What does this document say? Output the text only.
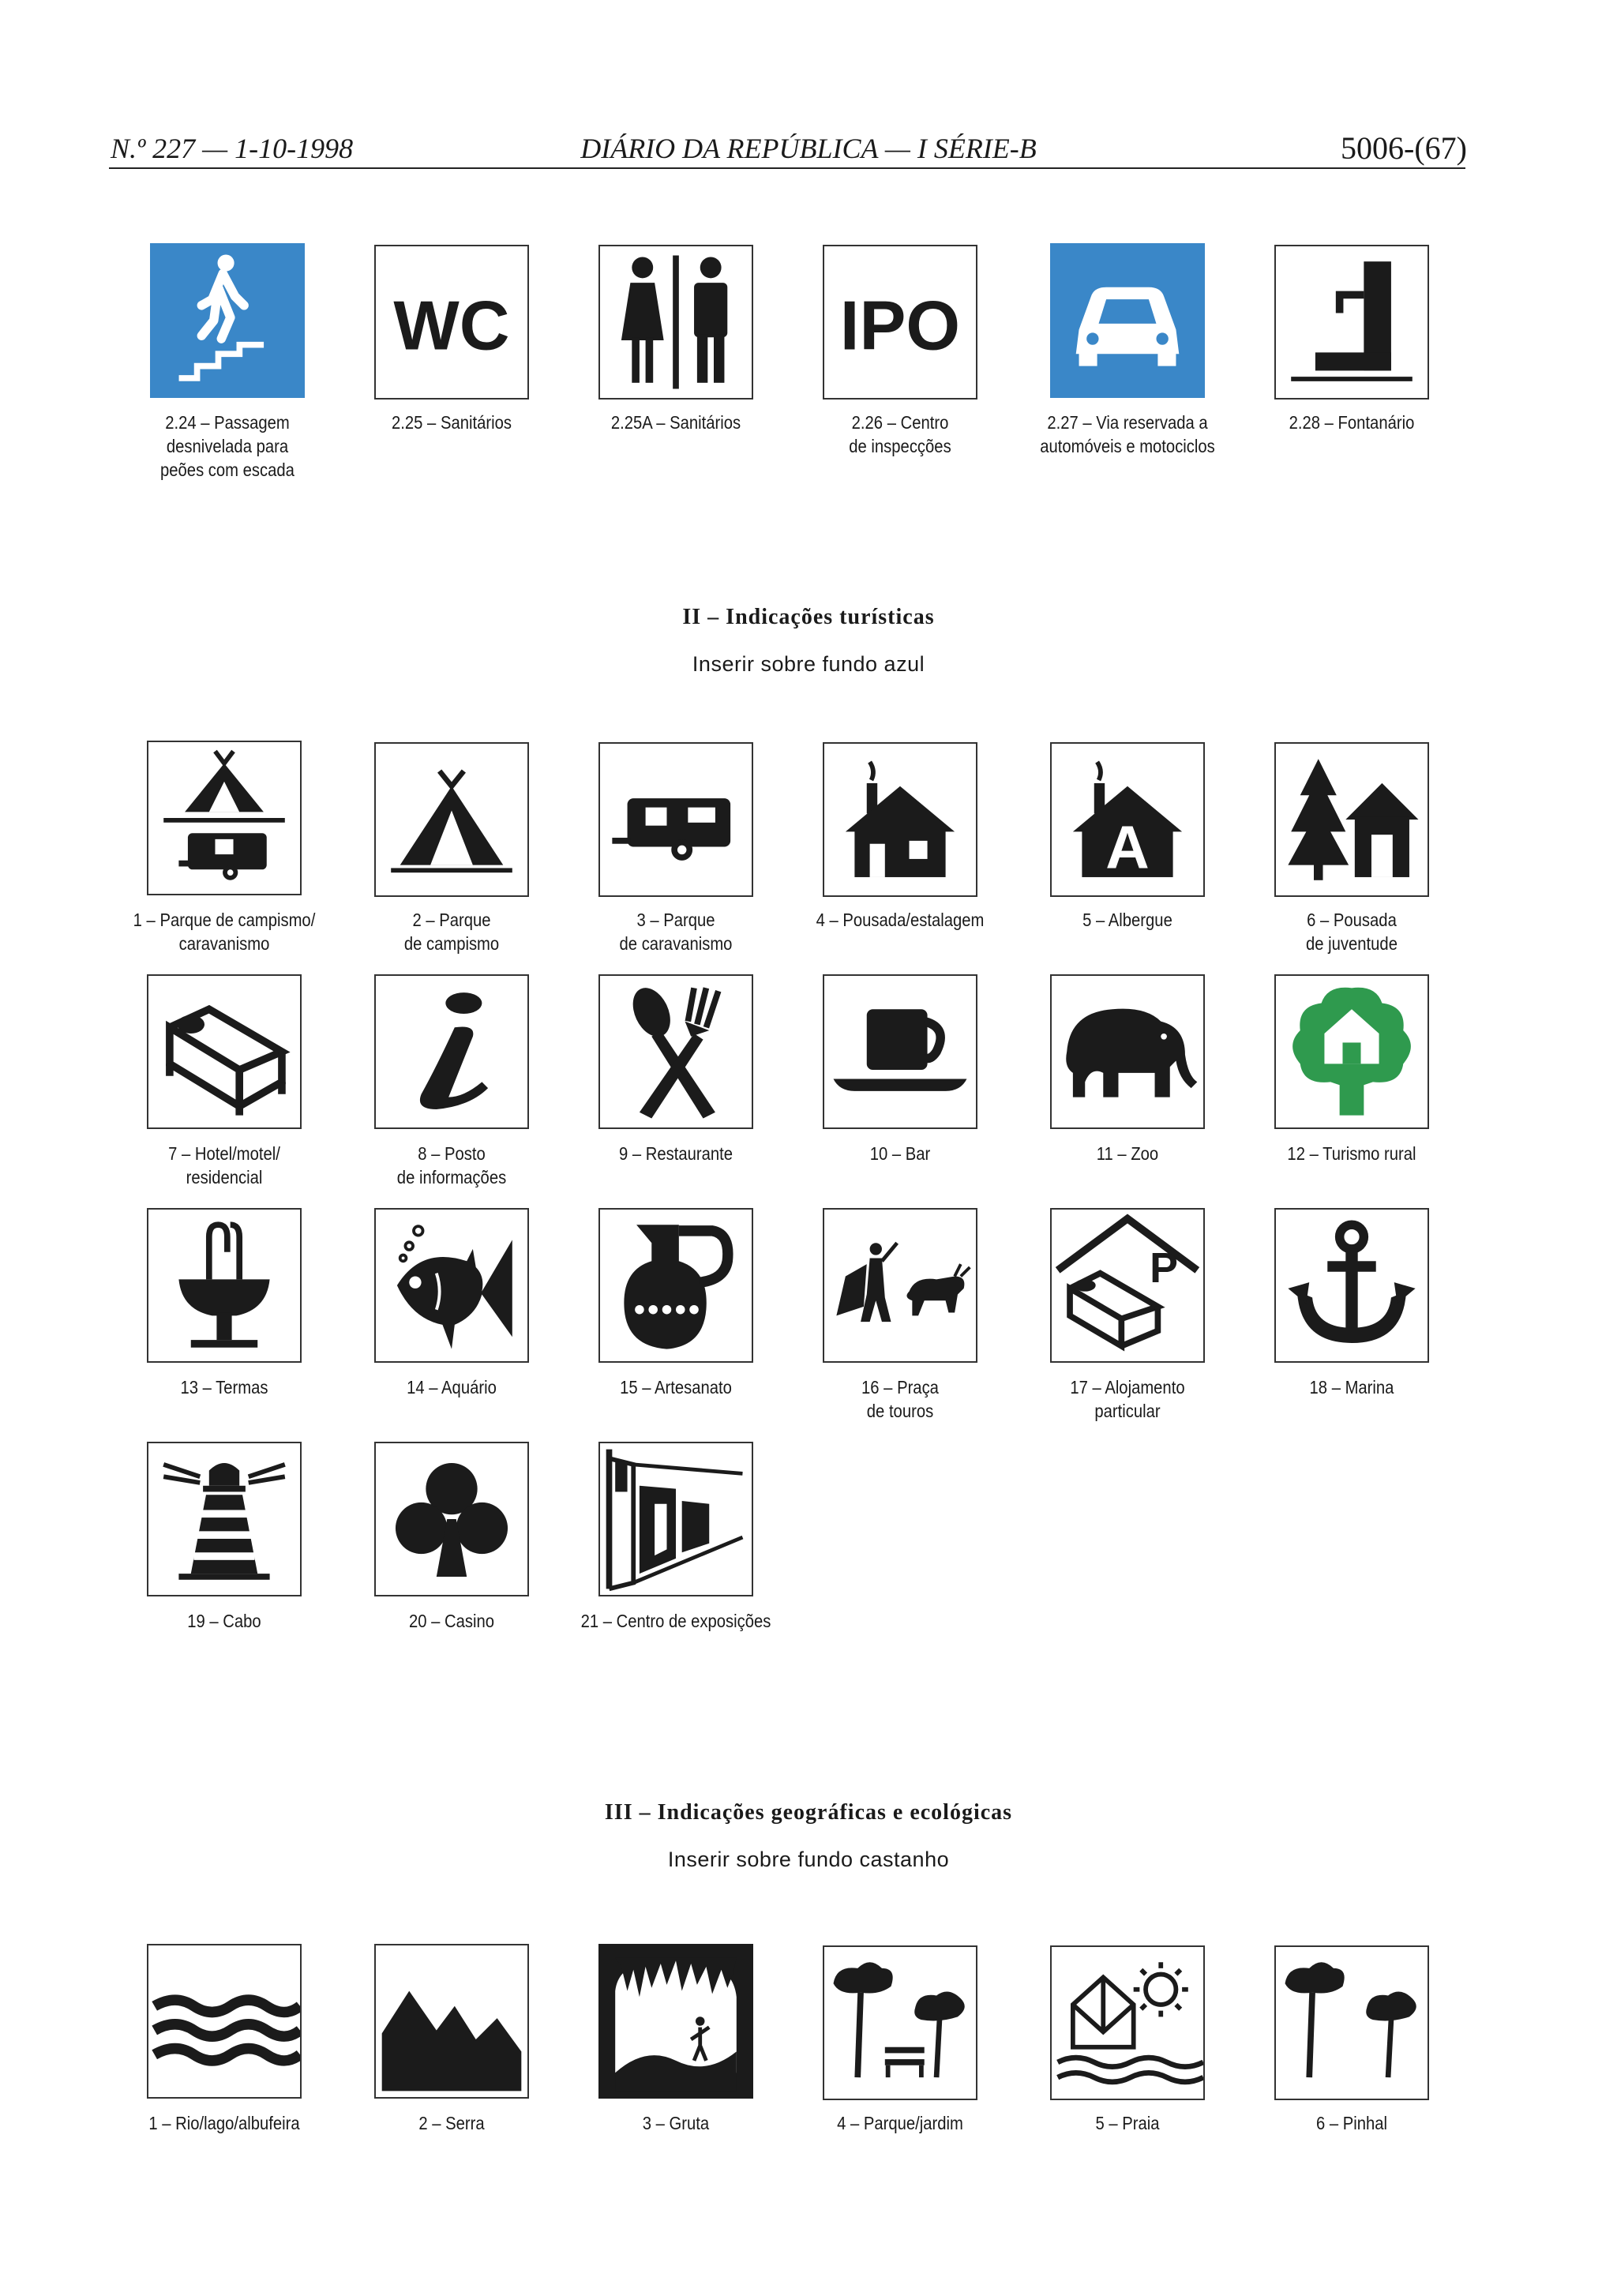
N.º 227 — 1-10-1998	DIÁRIO DA REPÚBLICA — I SÉRIE-B	5006-(67)
2.24 – Passagem
desnivelada para
peões com escada
WC
2.25 – Sanitários	2.25A – Sanitários
IPO
2.26 – Centro
de inspecções
2.27 – Via reservada a
automóveis e motociclos
2.28 – Fontanário
II – Indicações turísticas
Inserir sobre fundo azul
1 – Parque de campismo/
caravanismo
2 – Parque
de campismo
3 – Parque
de caravanismo
4 – Pousada/estalagem
A
5 – Albergue	6 – Pousada
de juventude
7 – Hotel/motel/
residencial
8 – Posto
de informações
9 – Restaurante	10 – Bar	11 – Zoo	12 – Turismo rural
13 – Termas	14 – Aquário	15 – Artesanato	16 – Praça
de touros
P
17 – Alojamento
particular
18 – Marina
19 – Cabo	20 – Casino	21 – Centro de exposições
III – Indicações geográficas e ecológicas
Inserir sobre fundo castanho
1 – Rio/lago/albufeira	2 – Serra	3 – Gruta	4 – Parque/jardim	5 – Praia	6 – Pinhal
